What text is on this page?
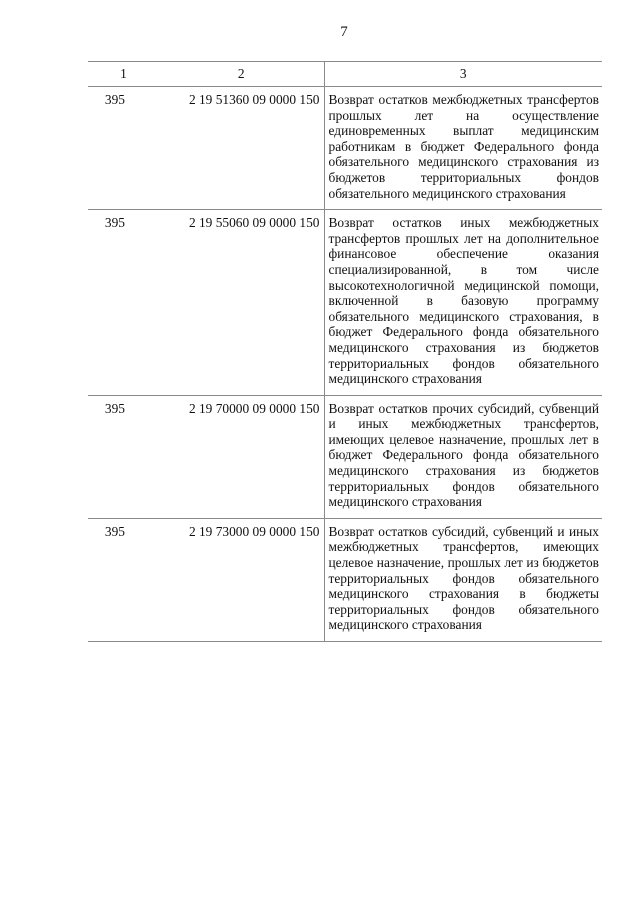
7
1	2	3
395	2 19 51360 09 0000 150	Возврат остатков межбюджетных трансфертов прошлых лет на осуществление единовременных выплат медицинским работникам в бюджет Федерального фонда обязательного медицинского страхования из бюджетов территориальных фондов обязательного медицинского страхования
395	2 19 55060 09 0000 150	Возврат остатков иных межбюджетных трансфертов прошлых лет на дополнительное финансовое обеспечение оказания специализированной, в том числе высокотехнологичной медицинской помощи, включенной в базовую программу обязательного медицинского страхования, в бюджет Федерального фонда обязательного медицинского страхования из бюджетов территориальных фондов обязательного медицинского страхования
395	2 19 70000 09 0000 150	Возврат остатков прочих субсидий, субвенций и иных межбюджетных трансфертов, имеющих целевое назначение, прошлых лет в бюджет Федерального фонда обязательного медицинского страхования из бюджетов территориальных фондов обязательного медицинского страхования
395	2 19 73000 09 0000 150	Возврат остатков субсидий, субвенций и иных межбюджетных трансфертов, имеющих целевое назначение, прошлых лет из бюджетов территориальных фондов обязательного медицинского страхования в бюджеты территориальных фондов обязательного медицинского страхования
